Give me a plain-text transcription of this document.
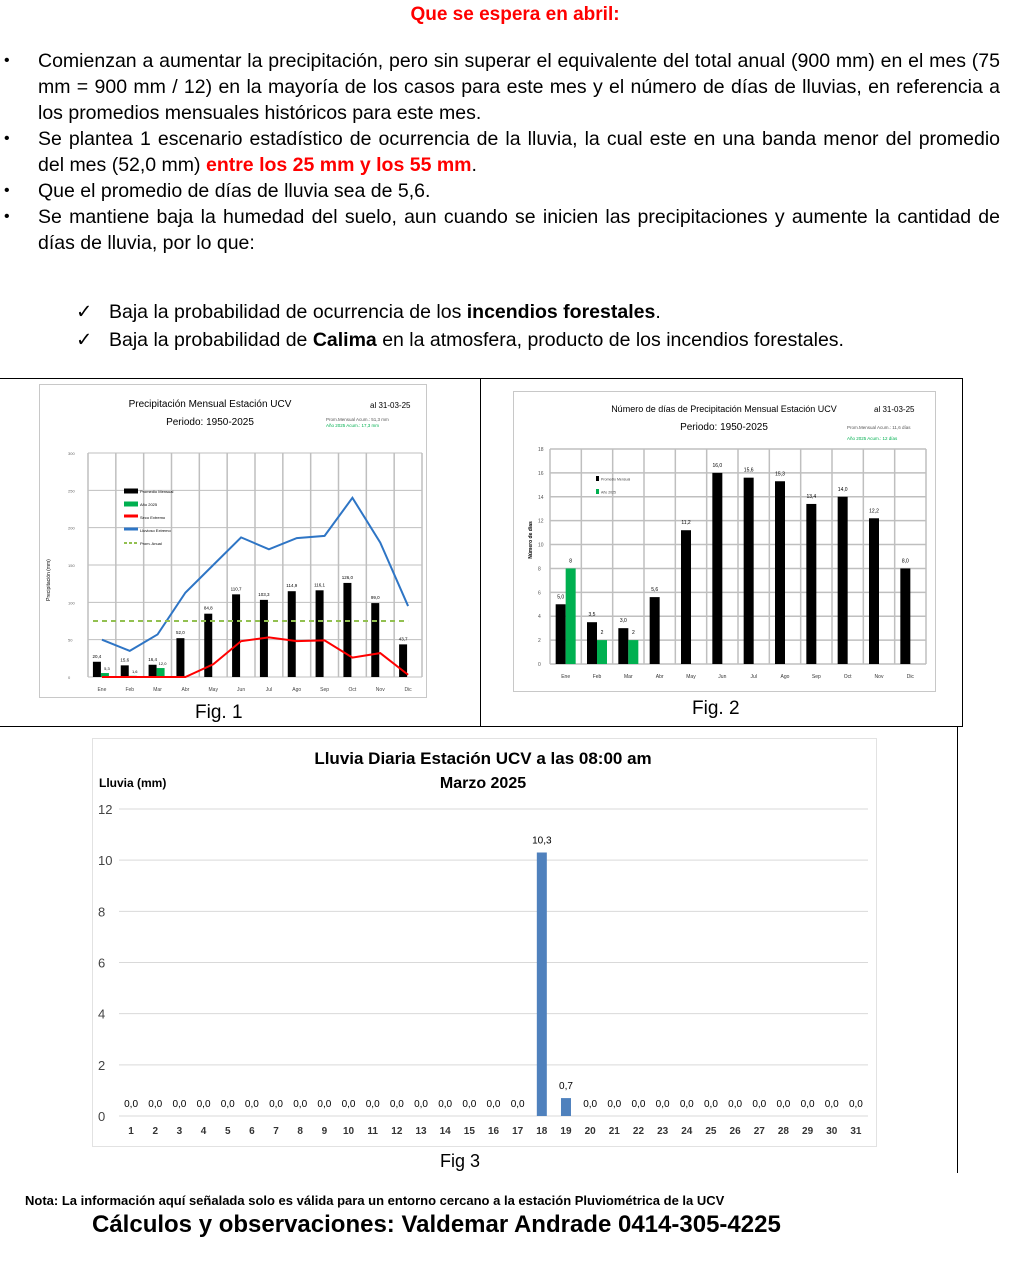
Que se espera en abril:
• Comienzan a aumentar la precipitación, pero sin superar el equivalente del total anual (900 mm) en el mes (75 mm = 900 mm / 12) en la mayoría de los casos para este mes y el número de días de lluvias, en referencia a los promedios mensuales históricos para este mes.
• Se plantea 1 escenario estadístico de ocurrencia de la lluvia, la cual este en una banda menor del promedio del mes (52,0 mm) entre los 25 mm y los 55 mm.
• Que el promedio de días de lluvia sea de 5,6.
• Se mantiene baja la humedad del suelo, aun cuando se inicien las precipitaciones y aumente la cantidad de días de lluvia, por lo que:
✓ Baja la probabilidad de ocurrencia de los incendios forestales.
✓ Baja la probabilidad de Calima en la atmosfera, producto de los incendios forestales.
Precipitación Mensual Estación UCV
Periodo: 1950-2025
al 31-03-25
Prom.Mensual Acum.: 51,3 mm
Año 2025 Acum.: 17,3 mm
Precipitación (mm)
0
50
100
150
200
250
300
20,4
5,3
Ene
15,6
1,6
Feb
16,4
12,0
Mar
52,0
Abr
84,8
May
110,7
Jun
103,3
Jul
114,9
Ago
116,1
Sep
126,0
Oct
99,0
Nov
43,7
Dic
Promedio Mensual
Año 2025
Seco Extremo
Lluvioso Extremo
Prom. Anual
Fig. 1
Número de días de Precipitación Mensual Estación UCV
Periodo: 1950-2025
al 31-03-25
Prom.Mensual Acum.: 11,6 días
Año 2025 Acum.: 12 días
Número de días
0
2
4
6
8
10
12
14
16
18
5,0
8
Ene
3,5
2
Feb
3,0
2
Mar
5,6
Abr
11,2
May
16,0
Jun
15,6
Jul
15,3
Ago
13,4
Sep
14,0
Oct
12,2
Nov
8,0
Dic
Promedio Mensual
Año 2025
Fig. 2
Lluvia Diaria Estación UCV a las 08:00 am
Marzo 2025
Lluvia (mm)
0
2
4
6
8
10
12
0,0
1
0,0
2
0,0
3
0,0
4
0,0
5
0,0
6
0,0
7
0,0
8
0,0
9
0,0
10
0,0
11
0,0
12
0,0
13
0,0
14
0,0
15
0,0
16
0,0
17
10,3
18
0,7
19
0,0
20
0,0
21
0,0
22
0,0
23
0,0
24
0,0
25
0,0
26
0,0
27
0,0
28
0,0
29
0,0
30
0,0
31
Fig 3
Nota: La información aquí señalada solo es válida para un entorno cercano a la estación Pluviométrica de la UCV
Cálculos y observaciones: Valdemar Andrade 0414-305-4225
